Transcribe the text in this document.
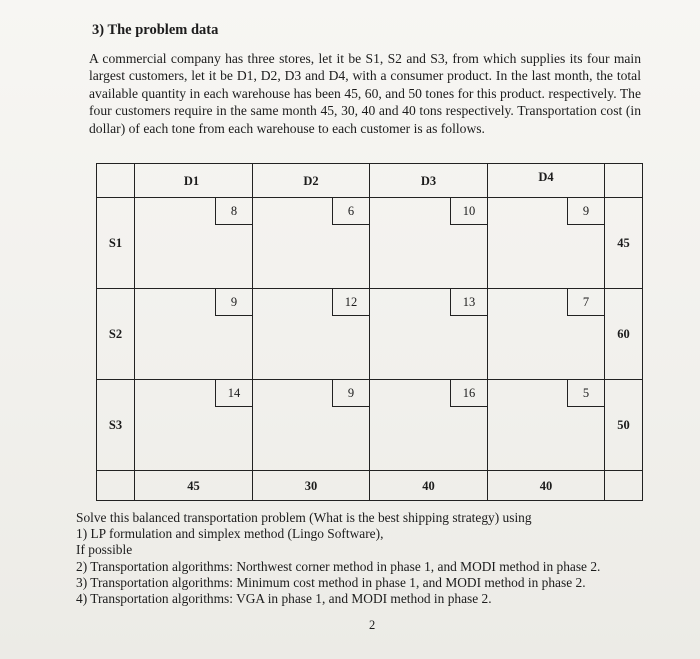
3) The problem data
A commercial company has three stores, let it be S1, S2 and S3, from which supplies its four main largest customers, let it be D1, D2, D3 and D4, with a consumer product. In the last month, the total available quantity in each warehouse has been 45, 60, and 50 tones for this product. respectively. The four customers require in the same month 45, 30, 40 and 40 tons respectively. Transportation cost (in dollar) of each tone from each warehouse to each customer is as follows.
	D1	D2	D3	D4	
S1	8	6	10	9	45
S2	9	12	13	7	60
S3	14	9	16	5	50
	45	30	40	40	
Solve this balanced transportation problem (What is the best shipping strategy) using
1) LP formulation and simplex method (Lingo Software),
If possible
2) Transportation algorithms: Northwest corner method in phase 1, and MODI method in phase 2.
3) Transportation algorithms: Minimum cost method in phase 1, and MODI method in phase 2.
4) Transportation algorithms: VGA in phase 1, and MODI method in phase 2.
2
